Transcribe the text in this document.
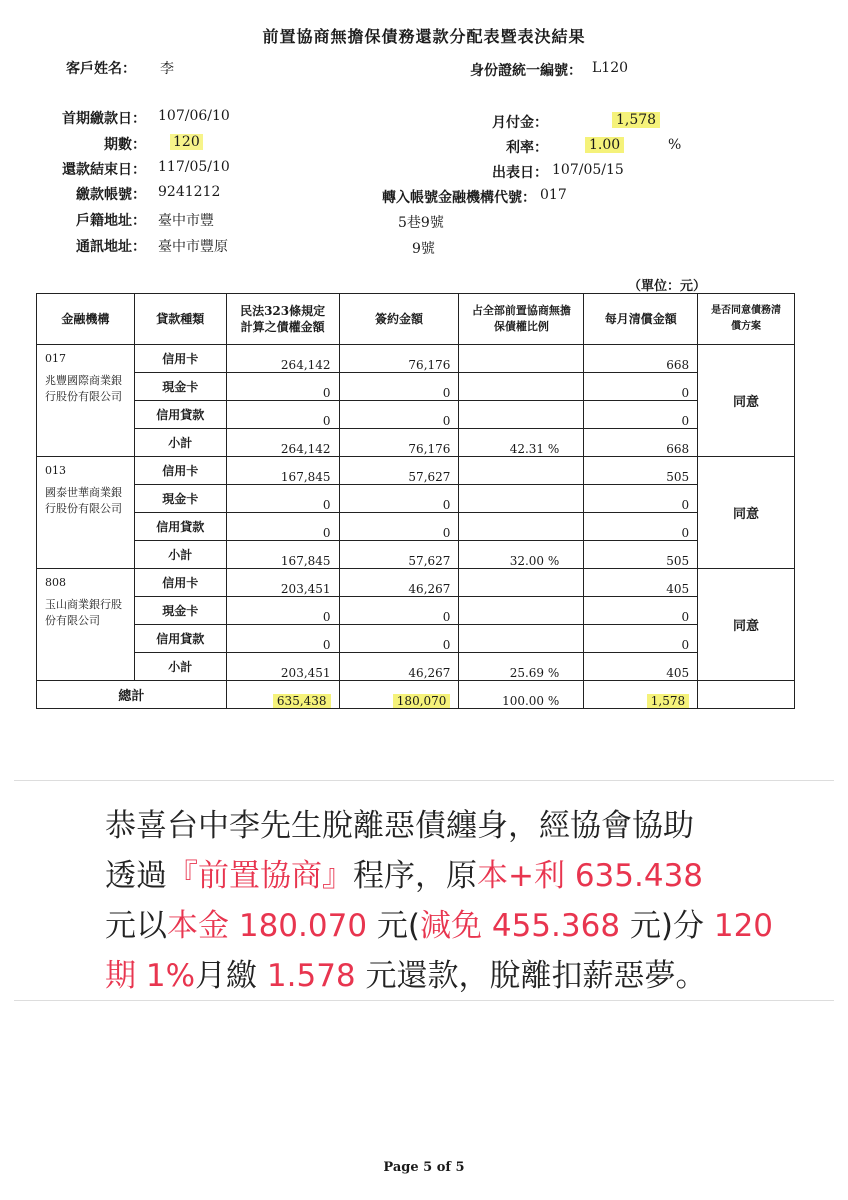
前置協商無擔保債務還款分配表暨表決結果
客戶姓名： 李	身份證統一編號： L120
首期繳款日： 107/06/10
期數： 120
還款結束日： 117/05/10
繳款帳號： 9241212
戶籍地址： 臺中市豐
通訊地址： 臺中市豐原
月付金：	1,578
利率：	1.00	%
出表日： 107/05/15
轉入帳號金融機構代號： 017
5巷9號
9號
（單位：元）
金融機構	貸款種類	民法323條規定計算之債權金額	簽約金額	占全部前置協商無擔保債權比例	每月清償金額	是否同意債務清償方案

017
兆豐國際商業銀行股份有限公司	信用卡	264,142	76,176		668	同意
	現金卡	0	0		0	
	信用貸款	0	0		0	
	小計	264,142	76,176	42.31 %	668	

013
國泰世華商業銀行股份有限公司	信用卡	167,845	57,627		505	同意
	現金卡	0	0		0	
	信用貸款	0	0		0	
	小計	167,845	57,627	32.00 %	505	

808
玉山商業銀行股份有限公司	信用卡	203,451	46,267		405	同意
	現金卡	0	0		0	
	信用貸款	0	0		0	
	小計	203,451	46,267	25.69 %	405	
總計		635,438	180,070	100.00 %	1,578	
恭喜台中李先生脫離惡債纏身，經協會協助
透過『前置協商』程序，原本+利 635.438
元以本金 180.070 元(減免 455.368 元)分 120
期 1%月繳 1.578 元還款，脫離扣薪惡夢。
Page 5 of 5
